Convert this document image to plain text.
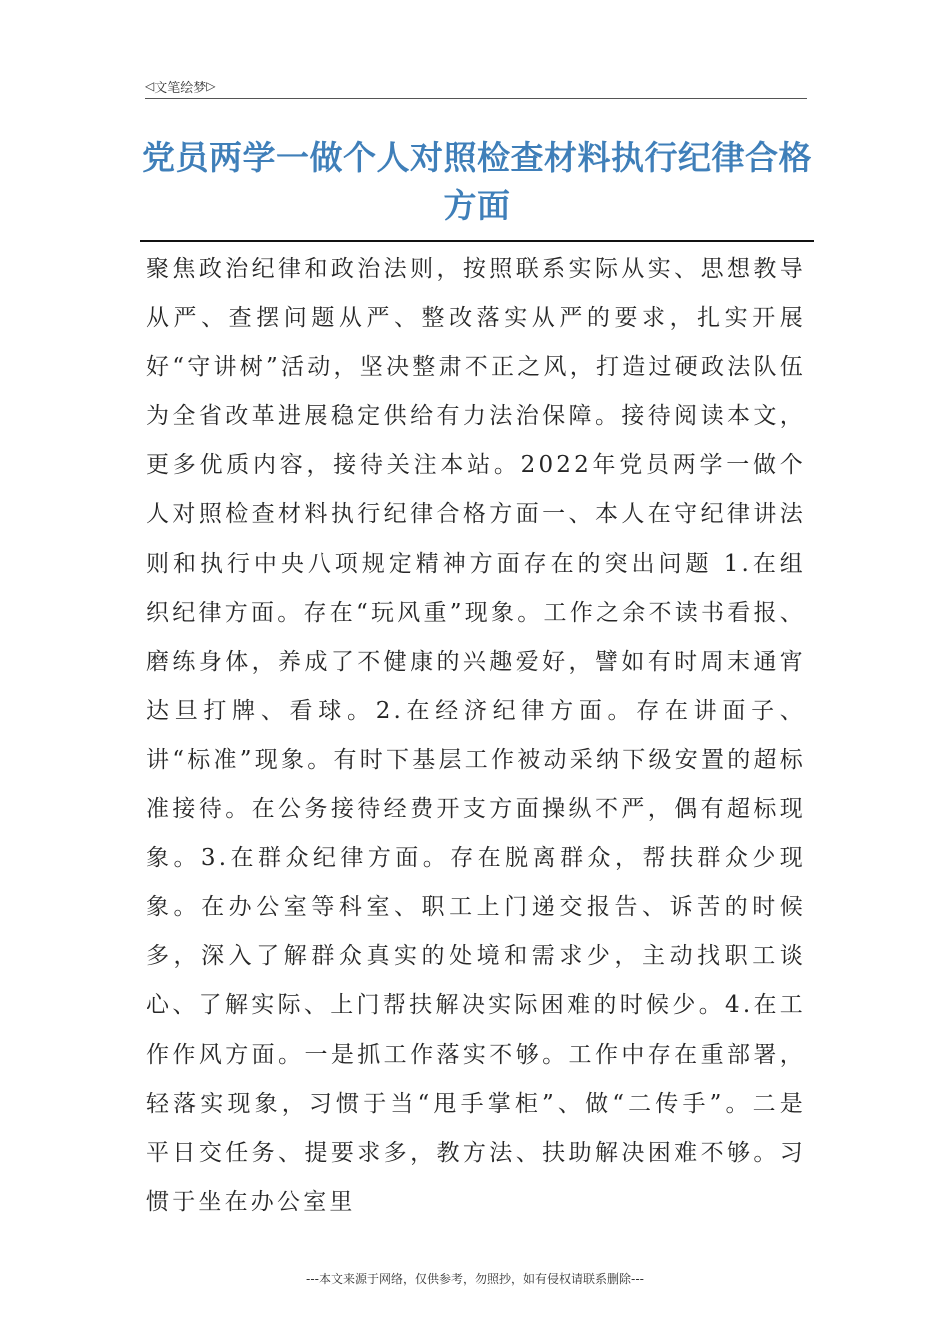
◁ 文笔绘梦 ▷
党员两学一做个人对照检查材料执行纪律合格方面

聚焦政治纪律和政治法则，按照联系实际从实、思想教导从严、查摆问题从严、整改落实从严的要求，扎实开展好“守讲树”活动，坚决整肃不正之风，打造过硬政法队伍为全省改革进展稳定供给有力法治保障。接待阅读本文，更多优质内容，接待关注本站。2022年党员两学一做个人对照检查材料执行纪律合格方面一、本人在守纪律讲法则和执行中央八项规定精神方面存在的突出问题 1.在组织纪律方面。存在“玩风重”现象。工作之余不读书看报、磨练身体，养成了不健康的兴趣爱好，譬如有时周末通宵达旦打牌、看球。2.在经济纪律方面。存在讲面子、讲“标准”现象。有时下基层工作被动采纳下级安置的超标准接待。在公务接待经费开支方面操纵不严，偶有超标现象。3.在群众纪律方面。存在脱离群众，帮扶群众少现象。在办公室等科室、职工上门递交报告、诉苦的时候多，深入了解群众真实的处境和需求少，主动找职工谈心、了解实际、上门帮扶解决实际困难的时候少。4.在工作作风方面。一是抓工作落实不够。工作中存在重部署，轻落实现象，习惯于当“甩手掌柜”、做“二传手”。二是平日交任务、提要求多，教方法、扶助解决困难不够。习惯于坐在办公室里

---本文来源于网络，仅供参考，勿照抄，如有侵权请联系删除---
